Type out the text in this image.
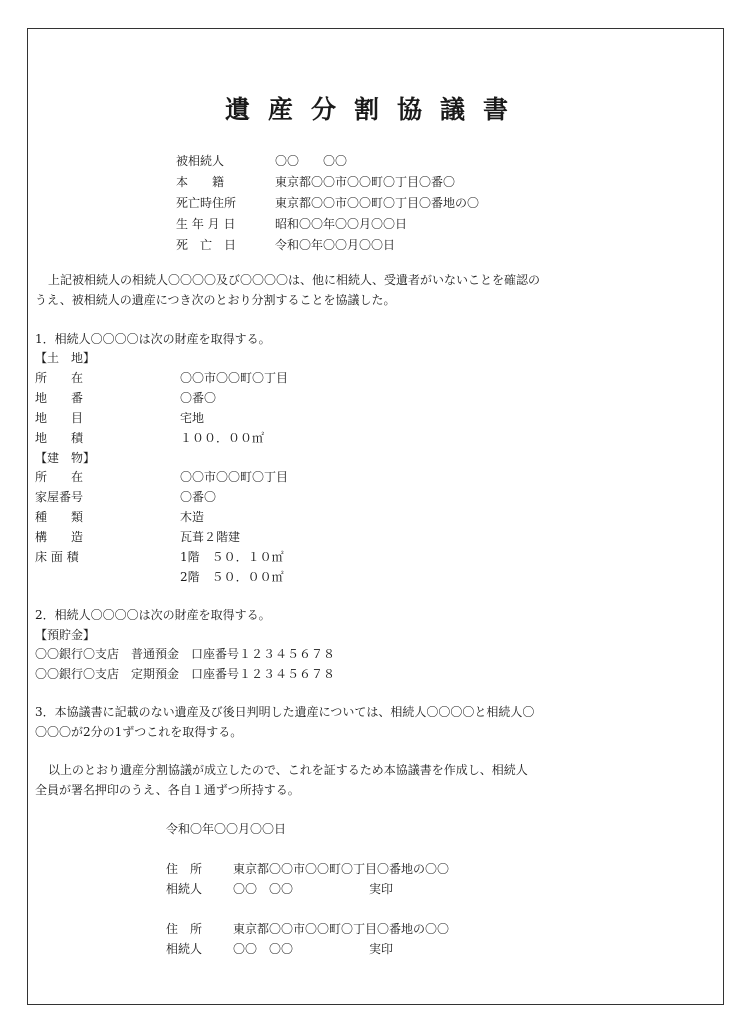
遺産分割協議書
被相続人	〇〇　　〇〇
本　　籍	東京都〇〇市〇〇町〇丁目〇番〇
死亡時住所	東京都〇〇市〇〇町〇丁目〇番地の〇
生 年 月 日	昭和〇〇年〇〇月〇〇日
死　亡　日	令和〇年〇〇月〇〇日
上記被相続人の相続人〇〇〇〇及び〇〇〇〇は、他に相続人、受遺者がいないことを確認の
うえ、被相続人の遺産につき次のとおり分割することを協議した。
1．相続人〇〇〇〇は次の財産を取得する。
【土　地】
所　　在	〇〇市〇〇町〇丁目
地　　番	〇番〇
地　　目	宅地
地　　積	１００．００㎡
【建　物】
所　　在	〇〇市〇〇町〇丁目
家屋番号	〇番〇
種　　類	木造
構　　造	瓦葺２階建
床 面 積	1階　５０．１０㎡
2階　５０．００㎡
2．相続人〇〇〇〇は次の財産を取得する。
【預貯金】
〇〇銀行〇支店　普通預金　口座番号１２３４５６７８
〇〇銀行〇支店　定期預金　口座番号１２３４５６７８
3．本協議書に記載のない遺産及び後日判明した遺産については、相続人〇〇〇〇と相続人〇
〇〇〇が2分の1ずつこれを取得する。
以上のとおり遺産分割協議が成立したので、これを証するため本協議書を作成し、相続人
全員が署名押印のうえ、各自１通ずつ所持する。
令和〇年〇〇月〇〇日
住　所	東京都〇〇市〇〇町〇丁目〇番地の〇〇
相続人	〇〇　〇〇	実印
住　所	東京都〇〇市〇〇町〇丁目〇番地の〇〇
相続人	〇〇　〇〇	実印
